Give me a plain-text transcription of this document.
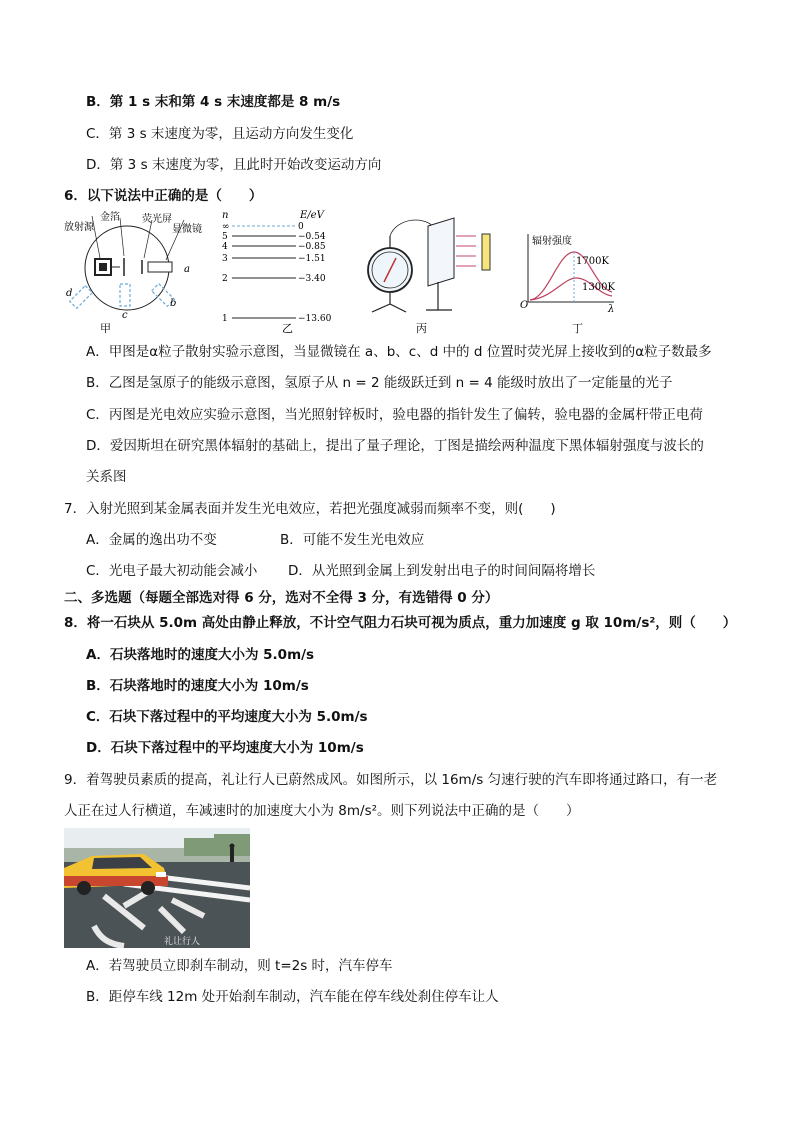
B．第 1 s 末和第 4 s 末速度都是 8 m/s
C．第 3 s 末速度为零，且运动方向发生变化
D．第 3 s 末速度为零，且此时开始改变运动方向
6．以下说法中正确的是（　　）
放射源
金箔 荧光屏
显微镜
a
b
c
d
甲
n	E/eV
∞	0
5	−0.54
4	−0.85
3	−1.51
2	−3.40
1	−13.60
乙	丙
辐射强度
1700K
1300K
O	λ
丁
A．甲图是α粒子散射实验示意图，当显微镜在 a、b、c、d 中的 d 位置时荧光屏上接收到的α粒子数最多
B．乙图是氢原子的能级示意图，氢原子从 n = 2 能级跃迁到 n = 4 能级时放出了一定能量的光子
C．丙图是光电效应实验示意图，当光照射锌板时，验电器的指针发生了偏转，验电器的金属杆带正电荷
D．爱因斯坦在研究黑体辐射的基础上，提出了量子理论，丁图是描绘两种温度下黑体辐射强度与波长的
关系图
7．入射光照到某金属表面并发生光电效应，若把光强度减弱而频率不变，则(　　)
A．金属的逸出功不变	B．可能不发生光电效应
C．光电子最大初动能会减小 D．从光照到金属上到发射出电子的时间间隔将增长
二、多选题（每题全部选对得 6 分，选对不全得 3 分，有选错得 0 分）
8．将一石块从 5.0m 高处由静止释放，不计空气阻力石块可视为质点，重力加速度 g 取 10m/s²，则（　　）
A．石块落地时的速度大小为 5.0m/s
B．石块落地时的速度大小为 10m/s
C．石块下落过程中的平均速度大小为 5.0m/s
D．石块下落过程中的平均速度大小为 10m/s
9．着驾驶员素质的提高，礼让行人已蔚然成风。如图所示，以 16m/s 匀速行驶的汽车即将通过路口，有一老
人正在过人行横道，车减速时的加速度大小为 8m/s²。则下列说法中正确的是（　　）
礼让行人
A．若驾驶员立即刹车制动，则 t=2s 时，汽车停车
B．距停车线 12m 处开始刹车制动，汽车能在停车线处刹住停车让人
